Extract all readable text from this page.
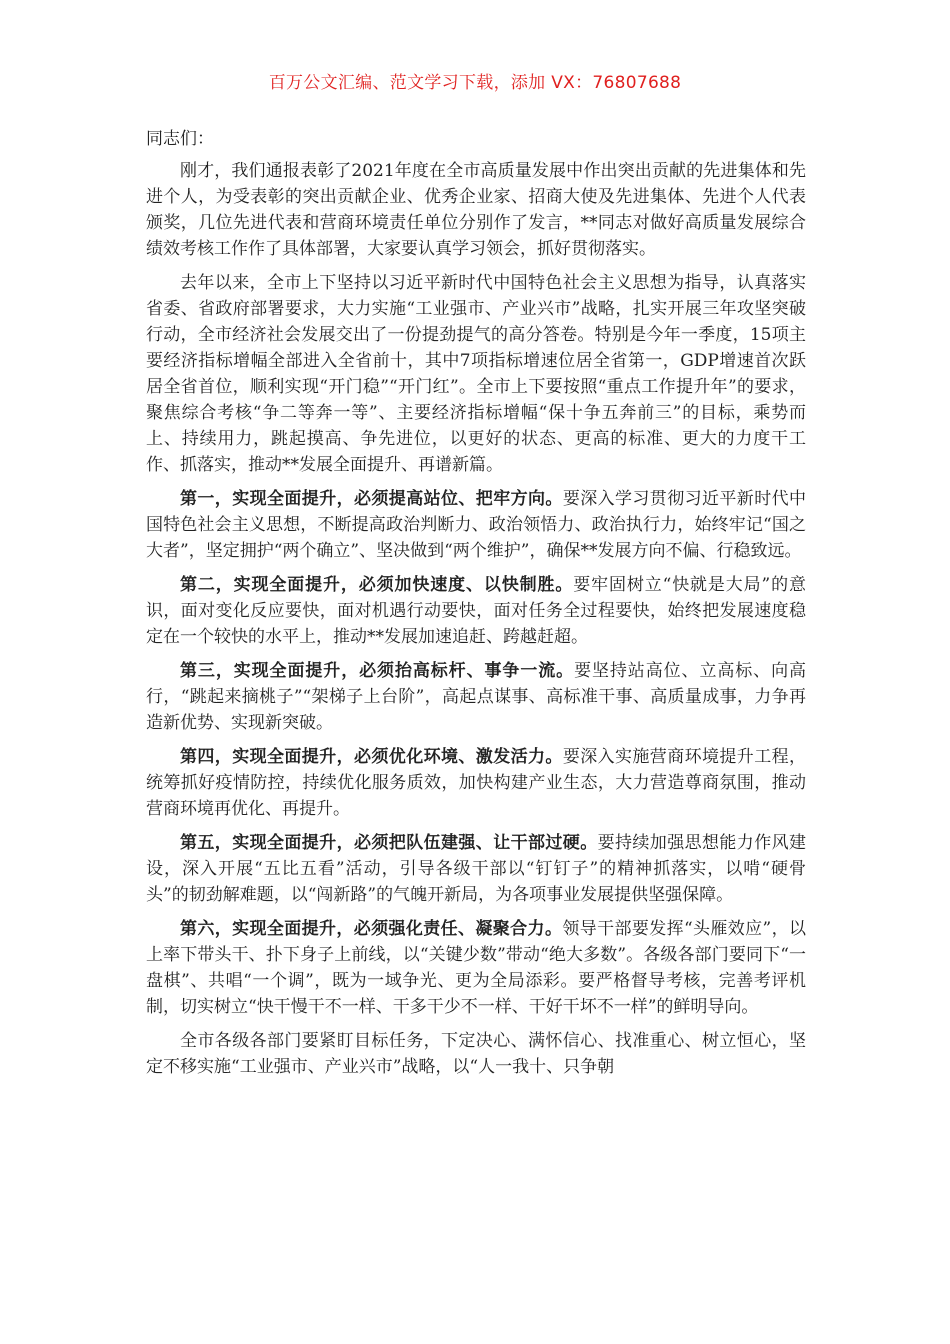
百万公文汇编、范文学习下载，添加 VX：76807688

同志们：

刚才，我们通报表彰了2021年度在全市高质量发展中作出突出贡献的先进集体和先进个人，为受表彰的突出贡献企业、优秀企业家、招商大使及先进集体、先进个人代表颁奖，几位先进代表和营商环境责任单位分别作了发言，**同志对做好高质量发展综合绩效考核工作作了具体部署，大家要认真学习领会，抓好贯彻落实。

去年以来，全市上下坚持以习近平新时代中国特色社会主义思想为指导，认真落实省委、省政府部署要求，大力实施“工业强市、产业兴市”战略，扎实开展三年攻坚突破行动，全市经济社会发展交出了一份提劲提气的高分答卷。特别是今年一季度，15项主要经济指标增幅全部进入全省前十，其中7项指标增速位居全省第一，GDP增速首次跃居全省首位，顺利实现“开门稳”“开门红”。全市上下要按照“重点工作提升年”的要求，聚焦综合考核“争二等奔一等”、主要经济指标增幅“保十争五奔前三”的目标，乘势而上、持续用力，跳起摸高、争先进位，以更好的状态、更高的标准、更大的力度干工作、抓落实，推动**发展全面提升、再谱新篇。

第一，实现全面提升，必须提高站位、把牢方向。要深入学习贯彻习近平新时代中国特色社会主义思想，不断提高政治判断力、政治领悟力、政治执行力，始终牢记“国之大者”，坚定拥护“两个确立”、坚决做到“两个维护”，确保**发展方向不偏、行稳致远。

第二，实现全面提升，必须加快速度、以快制胜。要牢固树立“快就是大局”的意识，面对变化反应要快，面对机遇行动要快，面对任务全过程要快，始终把发展速度稳定在一个较快的水平上，推动**发展加速追赶、跨越赶超。

第三，实现全面提升，必须抬高标杆、事争一流。要坚持站高位、立高标、向高行，“跳起来摘桃子”“架梯子上台阶”，高起点谋事、高标准干事、高质量成事，力争再造新优势、实现新突破。

第四，实现全面提升，必须优化环境、激发活力。要深入实施营商环境提升工程，统筹抓好疫情防控，持续优化服务质效，加快构建产业生态，大力营造尊商氛围，推动营商环境再优化、再提升。

第五，实现全面提升，必须把队伍建强、让干部过硬。要持续加强思想能力作风建设，深入开展“五比五看”活动，引导各级干部以“钉钉子”的精神抓落实，以啃“硬骨头”的韧劲解难题，以“闯新路”的气魄开新局，为各项事业发展提供坚强保障。

第六，实现全面提升，必须强化责任、凝聚合力。领导干部要发挥“头雁效应”，以上率下带头干、扑下身子上前线，以“关键少数”带动“绝大多数”。各级各部门要同下“一盘棋”、共唱“一个调”，既为一域争光、更为全局添彩。要严格督导考核，完善考评机制，切实树立“快干慢干不一样、干多干少不一样、干好干坏不一样”的鲜明导向。

全市各级各部门要紧盯目标任务，下定决心、满怀信心、找准重心、树立恒心，坚定不移实施“工业强市、产业兴市”战略，以“人一我十、只争朝
